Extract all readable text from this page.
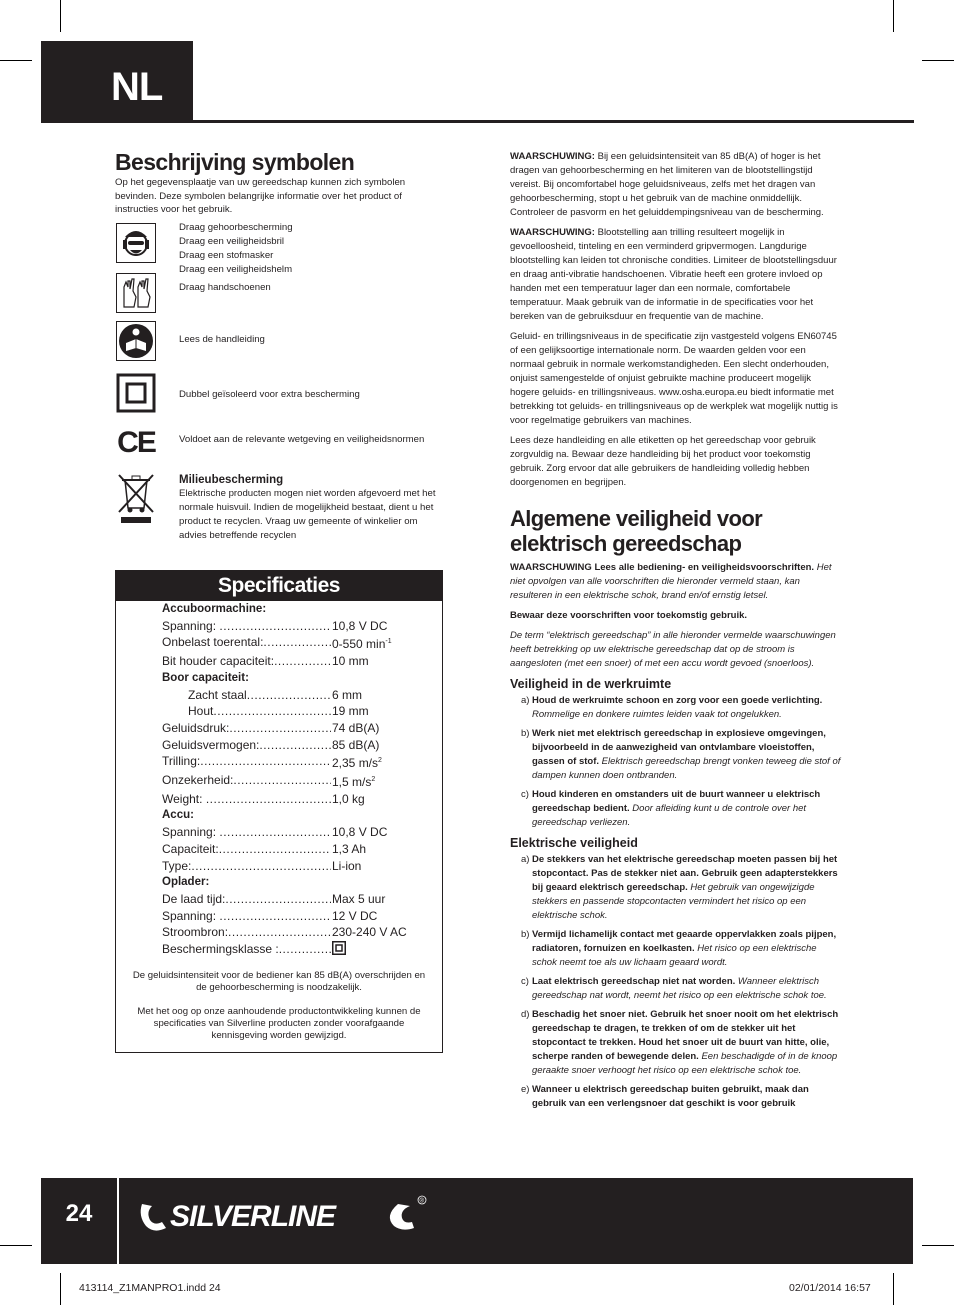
NL
Beschrijving symbolen

Op het gegevensplaatje van uw gereedschap kunnen zich symbolen bevinden. Deze symbolen belangrijke informatie over het product of instructies voor het gebruik.

Draag gehoorbescherming
Draag een veiligheidsbril
Draag een stofmasker
Draag een veiligheidshelm
Draag handschoenen
Lees de handleiding
Dubbel geïsoleerd voor extra bescherming
CE	Voldoet aan de relevante wetgeving en veiligheidsnormen
Milieubescherming
Elektrische producten mogen niet worden afgevoerd met het normale huisvuil. Indien de mogelijkheid bestaat, dient u het product te recyclen. Vraag uw gemeente of winkelier om advies betreffende recyclen
Specificaties
Accuboormachine:
Spanning: .....	10,8 V DC
Onbelast toerental: .....	0-550 $\min^{-1}$
Bit houder capaciteit: .....	10 mm
Boor capaciteit:
Zacht staal .....	6 mm
Hout .....	19 mm
Geluidsdruk: .....	74 dB(A)
Geluidsvermogen: .....	85 dB(A)
Trilling: .....	2,35 $m/s^2$
Onzekerheid: .....	1,5 $m/s^2$
Weight: .....	1,0 kg
Accu:
Spanning: .....	10,8 V DC
Capaciteit: .....	1,3 Ah
Type: .....	Li-ion
Oplader:
De laad tijd: .....	Max 5 uur
Spanning: .....	12 V DC
Stroombron: .....	230-240 V AC
Beschermingsklasse : .....

De geluidsintensiteit voor de bediener kan 85 dB(A) overschrijden en de gehoorbescherming is noodzakelijk.

Met het oog op onze aanhoudende productontwikkeling kunnen de specificaties van Silverline producten zonder voorafgaande kennisgeving worden gewijzigd.

WAARSCHUWING: Bij een geluidsintensiteit van 85 dB(A) of hoger is het dragen van gehoorbescherming en het limiteren van de blootstellingstijd vereist. Bij oncomfortabel hoge geluidsniveaus, zelfs met het dragen van gehoorbescherming, stopt u het gebruik van de machine onmiddellijk. Controleer de pasvorm en het geluiddempingsniveau van de bescherming.

WAARSCHUWING: Blootstelling aan trilling resulteert mogelijk in gevoelloosheid, tinteling en een verminderd gripvermogen. Langdurige blootstelling kan leiden tot chronische condities. Limiteer de blootstellingsduur en draag anti-vibratie handschoenen. Vibratie heeft een grotere invloed op handen met een temperatuur lager dan een normale, comfortabele temperatuur. Maak gebruik van de informatie in de specificaties voor het bereken van de gebruiksduur en frequentie van de machine.

Geluid- en trillingsniveaus in de specificatie zijn vastgesteld volgens EN60745 of een gelijksoortige internationale norm. De waarden gelden voor een normaal gebruik in normale werkomstandigheden. Een slecht onderhouden, onjuist samengestelde of onjuist gebruikte machine produceert mogelijk hogere geluids- en trillingsniveaus. www.osha.europa.eu biedt informatie met betrekking tot geluids- en trillingsniveaus op de werkplek wat mogelijk nuttig is voor regelmatige gebruikers van machines.

Lees deze handleiding en alle etiketten op het gereedschap voor gebruik zorgvuldig na. Bewaar deze handleiding bij het product voor toekomstig gebruik. Zorg ervoor dat alle gebruikers de handleiding volledig hebben doorgenomen en begrijpen.

Algemene veiligheid voor elektrisch gereedschap

WAARSCHUWING Lees alle bediening- en veiligheidsvoorschriften. Het niet opvolgen van alle voorschriften die hieronder vermeld staan, kan resulteren in een elektrische schok, brand en/of ernstig letsel.

Bewaar deze voorschriften voor toekomstig gebruik.

De term “elektrisch gereedschap” in alle hieronder vermelde waarschuwingen heeft betrekking op uw elektrische gereedschap dat op de stroom is aangesloten (met een snoer) of met een accu wordt gevoed (snoerloos).

Veiligheid in de werkruimte
a) Houd de werkruimte schoon en zorg voor een goede verlichting. Rommelige en donkere ruimtes leiden vaak tot ongelukken.
b) Werk niet met elektrisch gereedschap in explosieve omgevingen, bijvoorbeeld in de aanwezigheid van ontvlambare vloeistoffen, gassen of stof. Elektrisch gereedschap brengt vonken teweeg die stof of dampen kunnen doen ontbranden.
c) Houd kinderen en omstanders uit de buurt wanneer u elektrisch gereedschap bedient. Door afleiding kunt u de controle over het gereedschap verliezen.
Elektrische veiligheid
a) De stekkers van het elektrische gereedschap moeten passen bij het stopcontact. Pas de stekker niet aan. Gebruik geen adapterstekkers bij geaard elektrisch gereedschap. Het gebruik van ongewijzigde stekkers en passende stopcontacten vermindert het risico op een elektrische schok.
b) Vermijd lichamelijk contact met geaarde oppervlakken zoals pijpen, radiatoren, fornuizen en koelkasten. Het risico op een elektrische schok neemt toe als uw lichaam geaard wordt.
c) Laat elektrisch gereedschap niet nat worden. Wanneer elektrisch gereedschap nat wordt, neemt het risico op een elektrische schok toe.
d) Beschadig het snoer niet. Gebruik het snoer nooit om het elektrisch gereedschap te dragen, te trekken of om de stekker uit het stopcontact te trekken. Houd het snoer uit de buurt van hitte, olie, scherpe randen of bewegende delen. Een beschadigde of in de knoop geraakte snoer verhoogt het risico op een elektrische schok toe.
e) Wanneer u elektrisch gereedschap buiten gebruikt, maak dan gebruik van een verlengsnoer dat geschikt is voor gebruik
24	SILVERLINE	®
413114_Z1MANPRO1.indd 24	02/01/2014 16:57
